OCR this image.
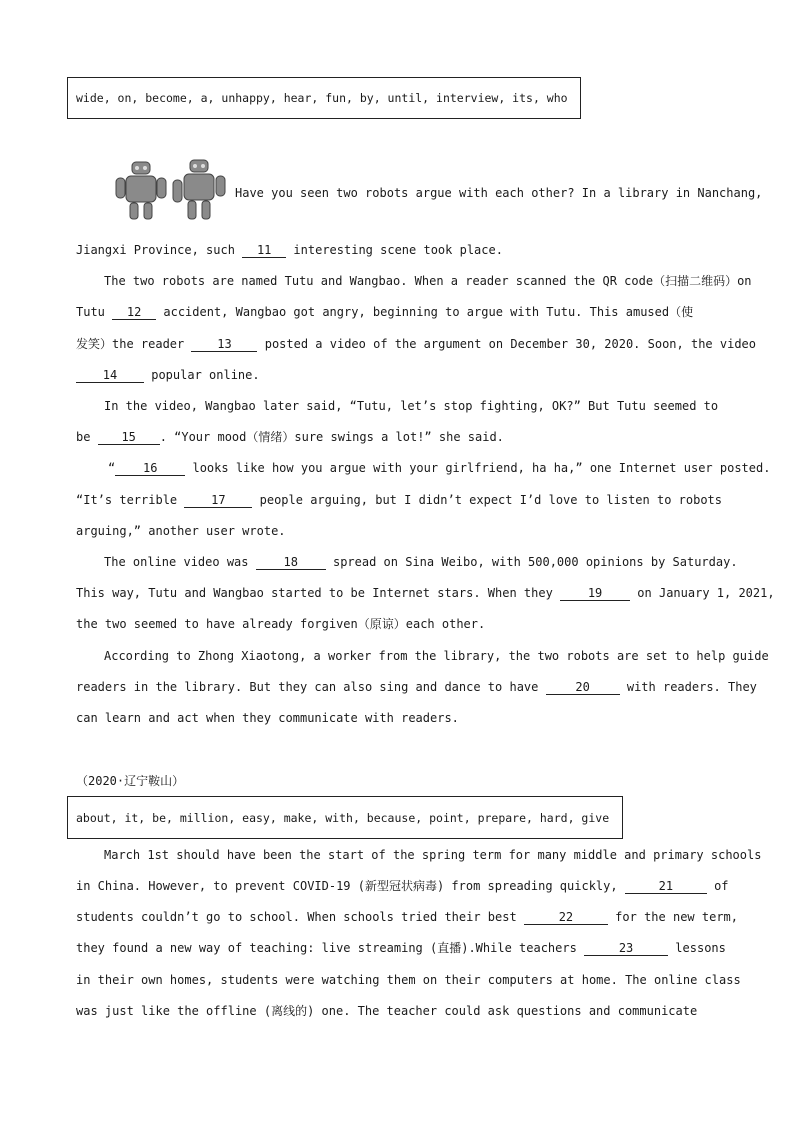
wide, on, become, a, unhappy, hear, fun, by, until, interview, its, who
Have you seen two robots argue with each other? In a library in Nanchang,
Jiangxi Province, such 11 interesting scene took place.
The two robots are named Tutu and Wangbao. When a reader scanned the QR code（扫描二维码）on
Tutu 12 accident, Wangbao got angry, beginning to argue with Tutu. This amused（使
发笑）the reader	13	posted a video of the argument on December 30, 2020. Soon, the video
14	popular online.
In the video, Wangbao later said, “Tutu, let’s stop fighting, OK?” But Tutu seemed to
be	15 . “Your mood（情绪）sure swings a lot!” she said.
“ 16	looks like how you argue with your girlfriend, ha ha,” one Internet user posted.
“It’s terrible	17	people arguing, but I didn’t expect I’d love to listen to robots
arguing,” another user wrote.
The online video was	18	spread on Sina Weibo, with 500,000 opinions by Saturday.
This way, Tutu and Wangbao started to be Internet stars. When they	19	on January 1, 2021,
the two seemed to have already forgiven（原谅）each other.
According to Zhong Xiaotong, a worker from the library, the two robots are set to help guide
readers in the library. But they can also sing and dance to have	20	with readers. They
can learn and act when they communicate with readers.
（2020·辽宁鞍山）
about, it, be, million, easy, make, with, because, point, prepare, hard, give
March 1st should have been the start of the spring term for many middle and primary schools
in China. However, to prevent COVID-19 (新型冠状病毒) from spreading quickly,	21	of
students couldn’t go to school. When schools tried their best	22	for the new term,
they found a new way of teaching: live streaming (直播).While teachers	23	lessons
in their own homes, students were watching them on their computers at home. The online class
was just like the offline (离线的) one. The teacher could ask questions and communicate
